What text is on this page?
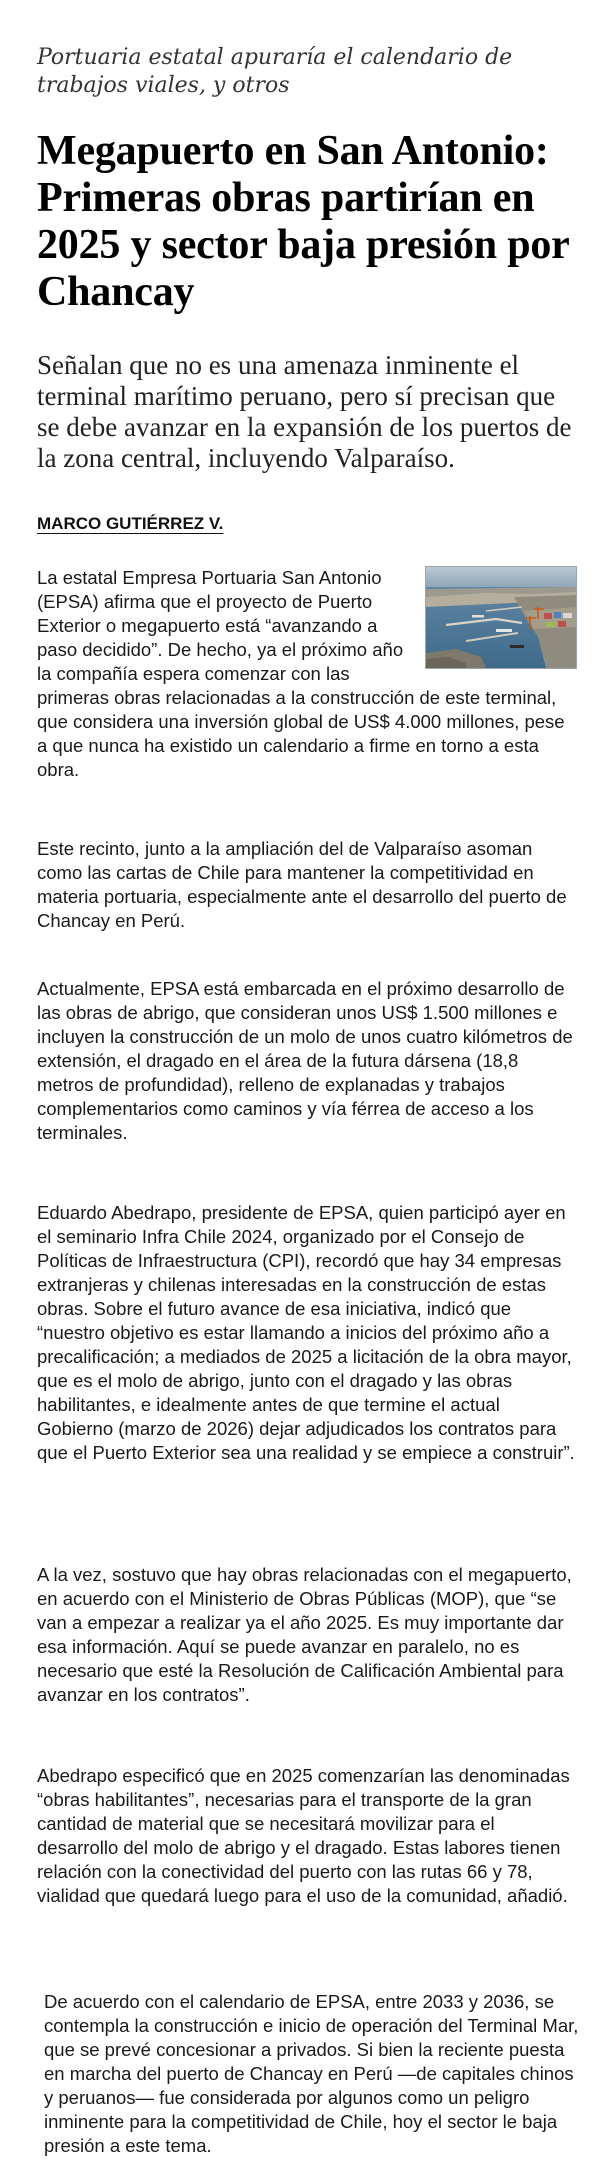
Portuaria estatal apuraría el calendario de trabajos viales, y otros
Megapuerto en San Antonio: Primeras obras partirían en 2025 y sector baja presión por Chancay
Señalan que no es una amenaza inminente el terminal marítimo peruano, pero sí precisan que se debe avanzar en la expansión de los puertos de la zona central, incluyendo Valparaíso.
MARCO GUTIÉRREZ V.
La estatal Empresa Portuaria San Antonio (EPSA) afirma que el proyecto de Puerto Exterior o megapuerto está “avanzando a paso decidido”. De hecho, ya el próximo año la compañía espera comenzar con las primeras obras relacionadas a la construcción de este terminal, que considera una inversión global de US$ 4.000 millones, pese a que nunca ha existido un calendario a firme en torno a esta obra.

Este recinto, junto a la ampliación del de Valparaíso asoman como las cartas de Chile para mantener la competitividad en materia portuaria, especialmente ante el desarrollo del puerto de Chancay en Perú.

Actualmente, EPSA está embarcada en el próximo desarrollo de las obras de abrigo, que consideran unos US$ 1.500 millones e incluyen la construcción de un molo de unos cuatro kilómetros de extensión, el dragado en el área de la futura dársena (18,8 metros de profundidad), relleno de explanadas y trabajos complementarios como caminos y vía férrea de acceso a los terminales.

Eduardo Abedrapo, presidente de EPSA, quien participó ayer en el seminario Infra Chile 2024, organizado por el Consejo de Políticas de Infraestructura (CPI), recordó que hay 34 empresas extranjeras y chilenas interesadas en la construcción de estas obras. Sobre el futuro avance de esa iniciativa, indicó que “nuestro objetivo es estar llamando a inicios del próximo año a precalificación; a mediados de 2025 a licitación de la obra mayor, que es el molo de abrigo, junto con el dragado y las obras habilitantes, e idealmente antes de que termine el actual Gobierno (marzo de 2026) dejar adjudicados los contratos para que el Puerto Exterior sea una realidad y se empiece a construir”.

A la vez, sostuvo que hay obras relacionadas con el megapuerto, en acuerdo con el Ministerio de Obras Públicas (MOP), que “se van a empezar a realizar ya el año 2025. Es muy importante dar esa información. Aquí se puede avanzar en paralelo, no es necesario que esté la Resolución de Calificación Ambiental para avanzar en los contratos”.

Abedrapo especificó que en 2025 comenzarían las denominadas “obras habilitantes”, necesarias para el transporte de la gran cantidad de material que se necesitará movilizar para el desarrollo del molo de abrigo y el dragado. Estas labores tienen relación con la conectividad del puerto con las rutas 66 y 78, vialidad que quedará luego para el uso de la comunidad, añadió.

De acuerdo con el calendario de EPSA, entre 2033 y 2036, se contempla la construcción e inicio de operación del Terminal Mar, que se prevé concesionar a privados. Si bien la reciente puesta en marcha del puerto de Chancay en Perú —de capitales chinos y peruanos— fue considerada por algunos como un peligro inminente para la competitividad de Chile, hoy el sector le baja presión a este tema.
